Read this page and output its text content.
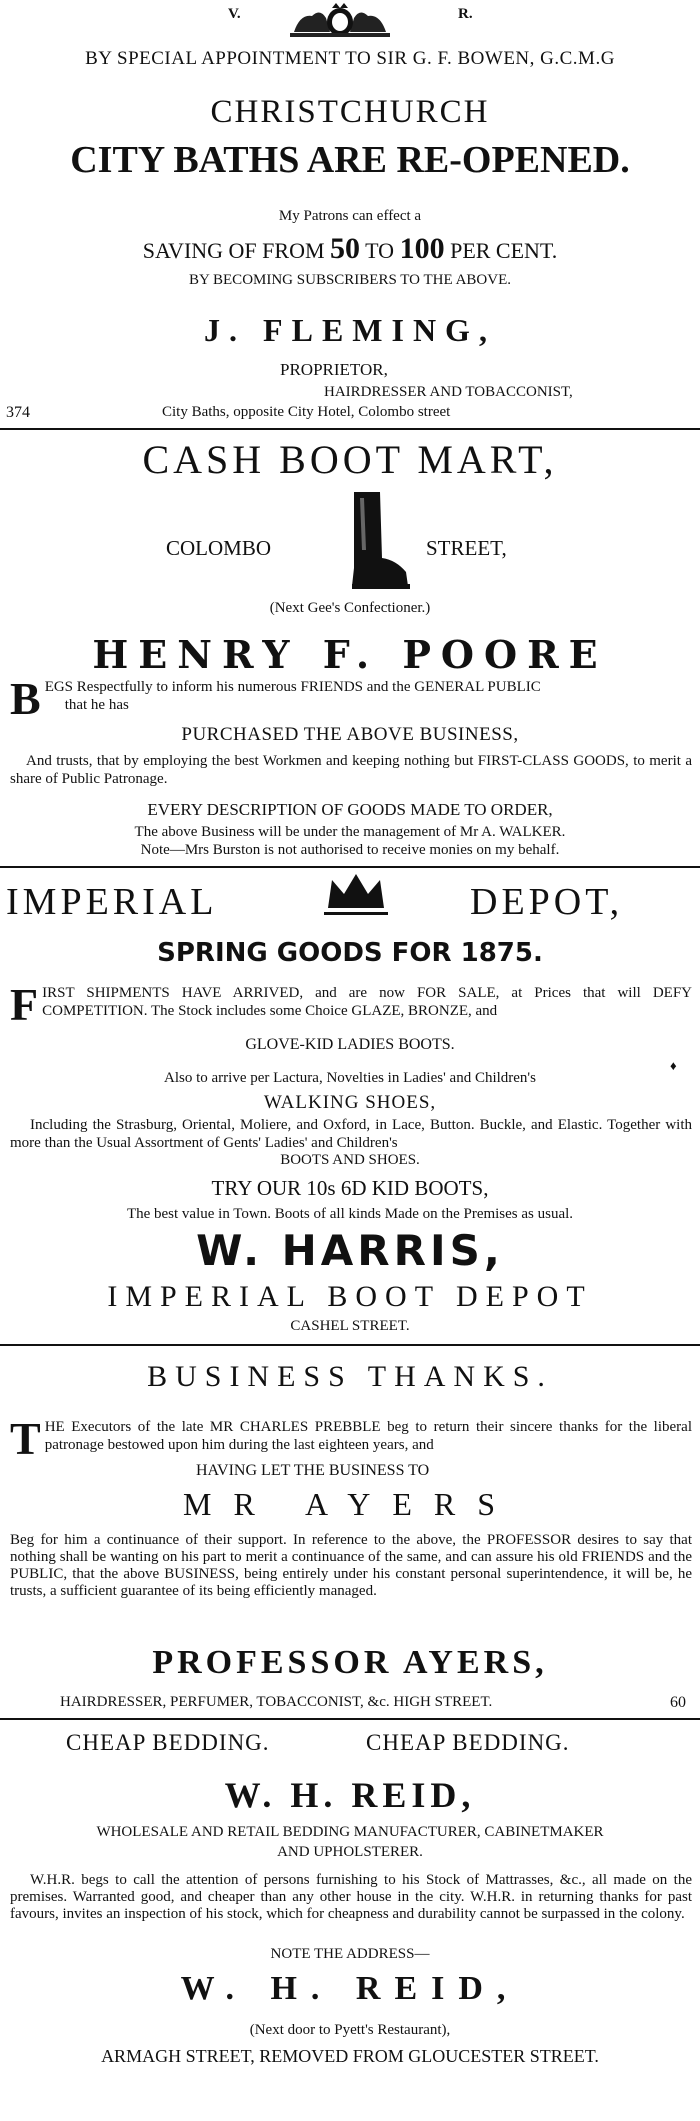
V.	R.
BY SPECIAL APPOINTMENT TO SIR G. F. BOWEN, G.C.M.G
CHRISTCHURCH
CITY BATHS ARE RE-OPENED.
My Patrons can effect a
SAVING OF FROM 50 TO 100 PER CENT.
BY BECOMING SUBSCRIBERS TO THE ABOVE.
J. FLEMING,
PROPRIETOR,
HAIRDRESSER AND TOBACCONIST,
374	City Baths, opposite City Hotel, Colombo street
CASH BOOT MART,
COLOMBO	STREET,
(Next Gee's Confectioner.)
HENRY F. POORE
B EGS Respectfully to inform his numerous FRIENDS and the GENERAL PUBLIC
that he has
PURCHASED THE ABOVE BUSINESS,
And trusts, that by employing the best Workmen and keeping nothing but FIRST-CLASS GOODS, to merit a share of Public Patronage.
EVERY DESCRIPTION OF GOODS MADE TO ORDER,
The above Business will be under the management of Mr A. WALKER.
Note—Mrs Burston is not authorised to receive monies on my behalf.
IMPERIAL	DEPOT,
SPRING GOODS FOR 1875.
F IRST SHIPMENTS HAVE ARRIVED, and are now FOR SALE, at Prices that will DEFY COMPETITION. The Stock includes some Choice GLAZE, BRONZE, and
GLOVE-KID LADIES BOOTS.
♦
Also to arrive per Lactura, Novelties in Ladies' and Children's
WALKING SHOES,
Including the Strasburg, Oriental, Moliere, and Oxford, in Lace, Button. Buckle, and Elastic. Together with more than the Usual Assortment of Gents' Ladies' and Children's
BOOTS AND SHOES.
TRY OUR 10s 6D KID BOOTS,
The best value in Town. Boots of all kinds Made on the Premises as usual.
W. HARRIS,
IMPERIAL BOOT DEPOT
CASHEL STREET.
BUSINESS THANKS.
T HE Executors of the late MR CHARLES PREBBLE beg to return their sincere thanks for the liberal patronage bestowed upon him during the last eighteen years, and
HAVING LET THE BUSINESS TO
MR AYERS
Beg for him a continuance of their support. In reference to the above, the PROFESSOR desires to say that nothing shall be wanting on his part to merit a continuance of the same, and can assure his old FRIENDS and the PUBLIC, that the above BUSINESS, being entirely under his constant personal superintendence, it will be, he trusts, a sufficient guarantee of its being efficiently managed.
PROFESSOR AYERS,
HAIRDRESSER, PERFUMER, TOBACCONIST, &c. HIGH STREET.	60
CHEAP BEDDING.	CHEAP BEDDING.
W. H. REID,
WHOLESALE AND RETAIL BEDDING MANUFACTURER, CABINETMAKER
AND UPHOLSTERER.
W.H.R. begs to call the attention of persons furnishing to his Stock of Mattrasses, &c., all made on the premises. Warranted good, and cheaper than any other house in the city. W.H.R. in returning thanks for past favours, invites an inspection of his stock, which for cheapness and durability cannot be surpassed in the colony.
NOTE THE ADDRESS—
W. H. REID,
(Next door to Pyett's Restaurant),
ARMAGH STREET, REMOVED FROM GLOUCESTER STREET.
